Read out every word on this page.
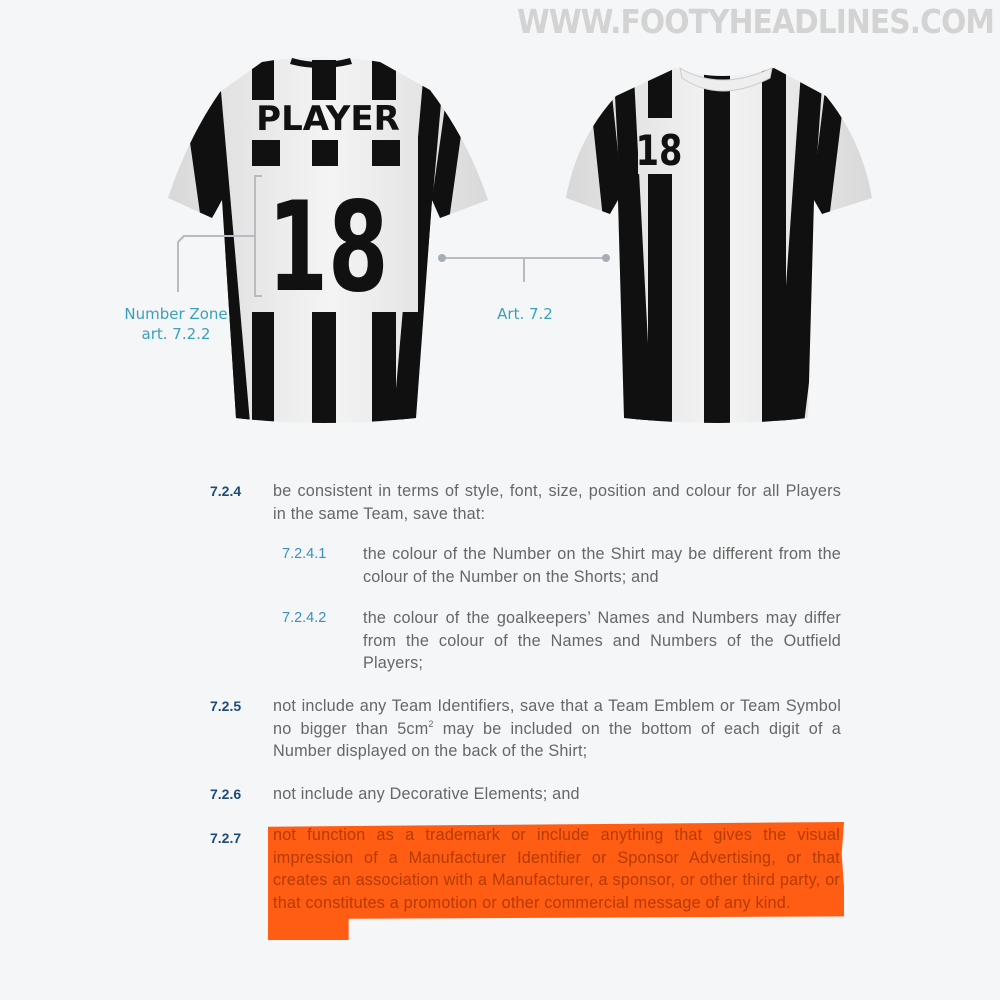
WWW.FOOTYHEADLINES.COM
PLAYER
18
18
Number Zone
art. 7.2.2
Art. 7.2
7.2.4 be consistent in terms of style, font, size, position and colour for all Players in the same Team, save that:
7.2.4.1 the colour of the Number on the Shirt may be different from the colour of the Number on the Shorts; and
7.2.4.2 the colour of the goalkeepers’ Names and Numbers may differ from the colour of the Names and Numbers of the Outfield Players;
7.2.5 not include any Team Identifiers, save that a Team Emblem or Team Symbol no bigger than $5cm^2$ may be included on the bottom of each digit of a Number displayed on the back of the Shirt;
7.2.6 not include any Decorative Elements; and
7.2.7	not function as a trademark or include anything that gives the visual impression of a Manufacturer Identifier or Sponsor Advertising, or that creates an association with a Manufacturer, a sponsor, or other third party, or that constitutes a promotion or other commercial message of any kind.
